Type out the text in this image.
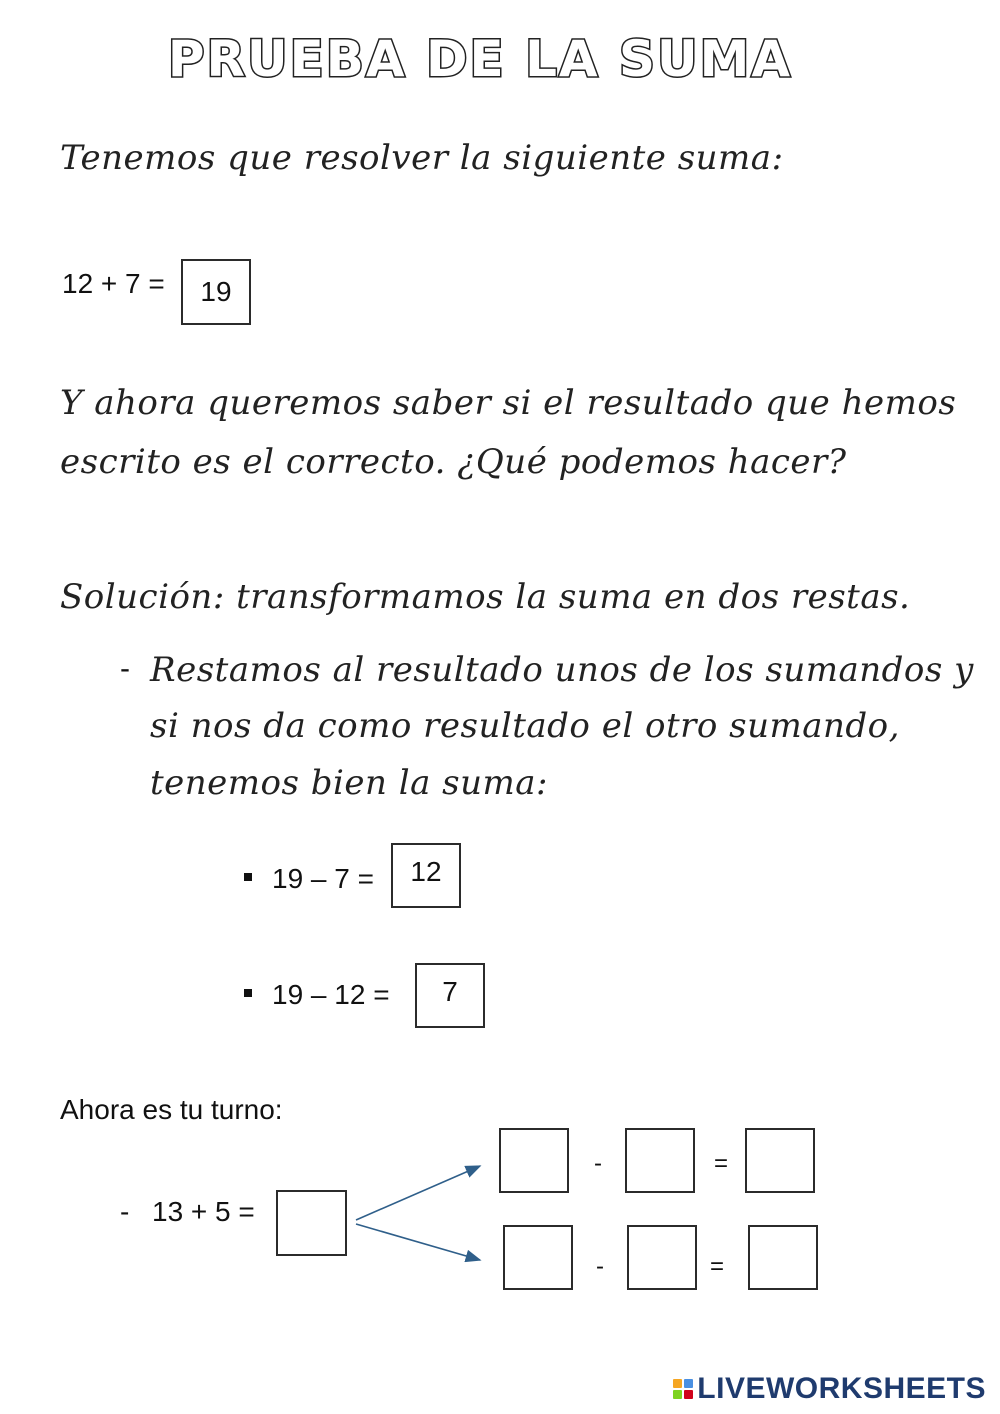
PRUEBA DE LA SUMA
Tenemos que resolver la siguiente suma:
12 + 7 = 19
Y ahora queremos saber si el resultado que hemos
escrito es el correcto. ¿Qué podemos hacer?
Solución: transformamos la suma en dos restas.
- Restamos al resultado unos de los sumandos y
si nos da como resultado el otro sumando,
tenemos bien la suma:
19 – 7 = 12
19 – 12 = 7
Ahora es tu turno:
- 13 + 5 =
-	=
-	=
LIVEWORKSHEETS
